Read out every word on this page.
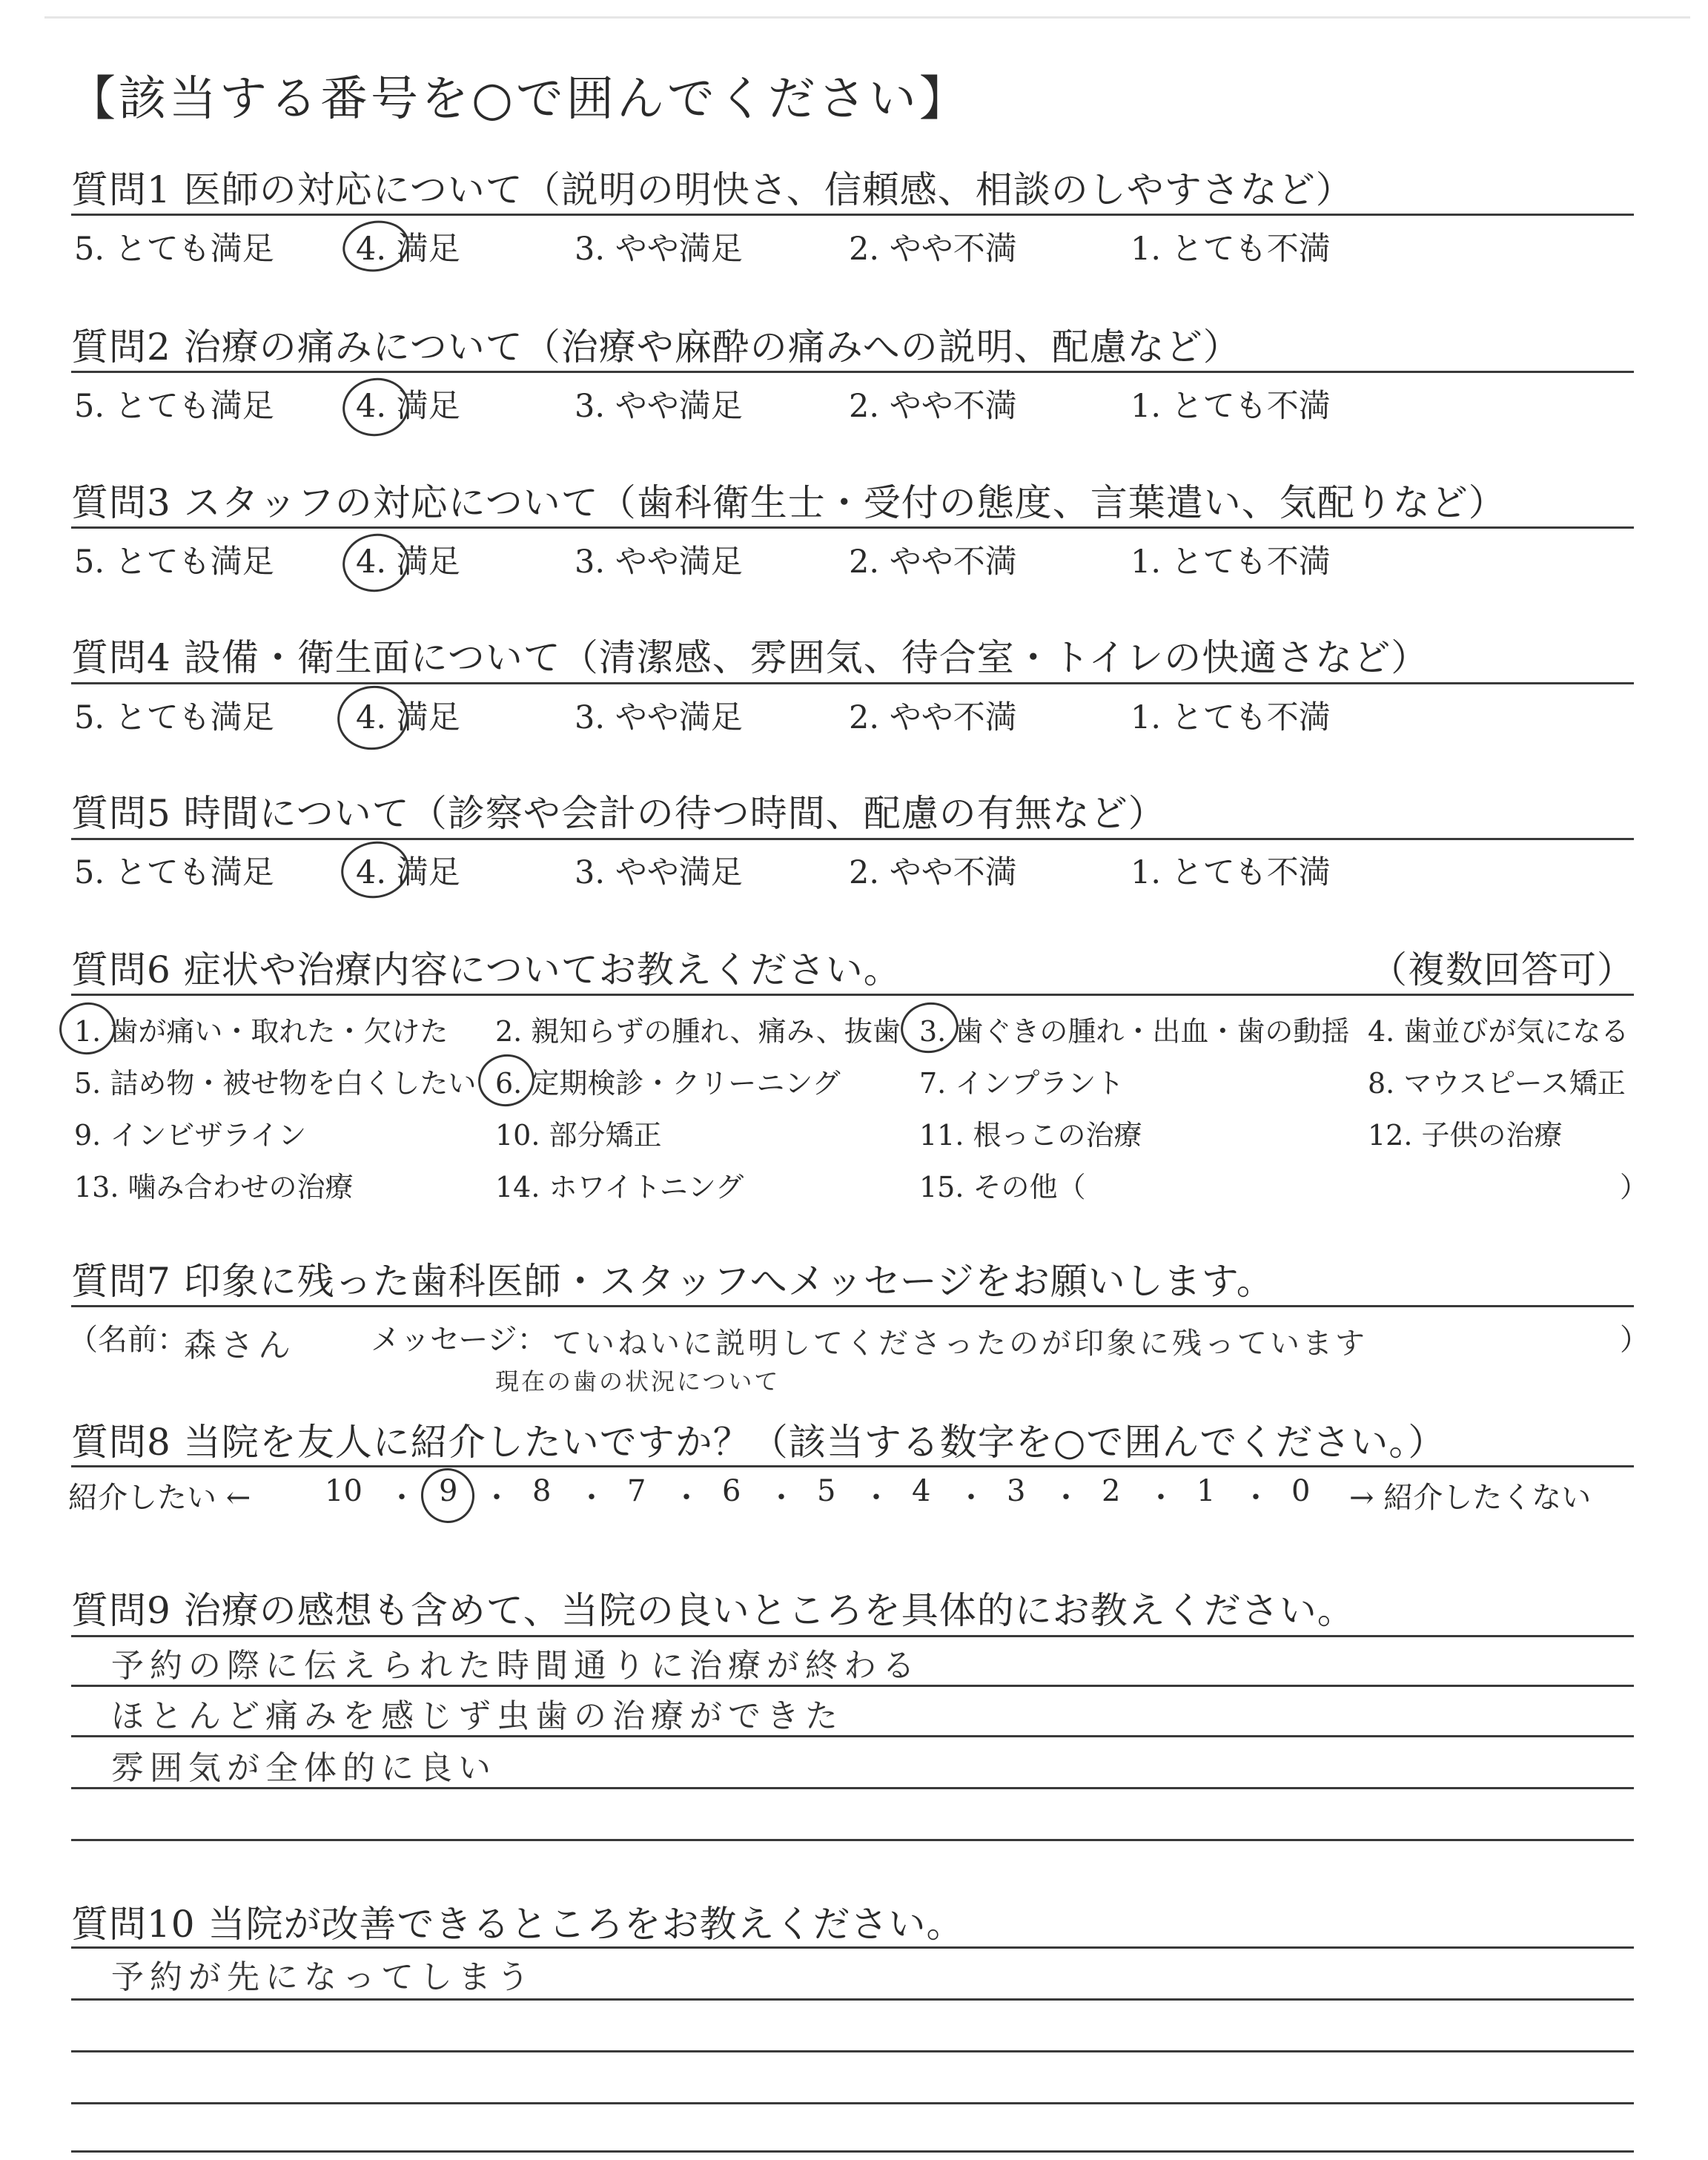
【該当する番号を○で囲んでください】
質問1 医師の対応について（説明の明快さ、信頼感、相談のしやすさなど）
5. とても満足	4. 満足	3. やや満足	2. やや不満	1. とても不満
質問2 治療の痛みについて（治療や麻酔の痛みへの説明、配慮など）
5. とても満足	4. 満足	3. やや満足	2. やや不満	1. とても不満
質問3 スタッフの対応について（歯科衛生士・受付の態度、言葉遣い、気配りなど）
5. とても満足	4. 満足	3. やや満足	2. やや不満	1. とても不満
質問4 設備・衛生面について（清潔感、雰囲気、待合室・トイレの快適さなど）
5. とても満足	4. 満足	3. やや満足	2. やや不満	1. とても不満
質問5 時間について（診察や会計の待つ時間、配慮の有無など）
5. とても満足	4. 満足	3. やや満足	2. やや不満	1. とても不満
質問6 症状や治療内容についてお教えください。	（複数回答可）
1. 歯が痛い・取れた・欠けた 2. 親知らずの腫れ、痛み、抜歯 3. 歯ぐきの腫れ・出血・歯の動揺 4. 歯並びが気になる
5. 詰め物・被せ物を白くしたい 6. 定期検診・クリーニング	7. インプラント	8. マウスピース矯正
9. インビザライン	10. 部分矯正	11. 根っこの治療	12. 子供の治療
13. 噛み合わせの治療	14. ホワイトニング	15. その他（	）
質問7 印象に残った歯科医師・スタッフへメッセージをお願いします。
（名前：
森さん	メッセージ： ていねいに説明してくださったのが印象に残っています
現在の歯の状況について
）
質問8 当院を友人に紹介したいですか？（該当する数字を○で囲んでください。）
紹介したい ← 10 ・ 9 ・ 8 ・ 7 ・ 6 ・ 5 ・ 4 ・ 3 ・ 2 ・ 1 ・ 0 → 紹介したくない
質問9 治療の感想も含めて、当院の良いところを具体的にお教えください。
予約の際に伝えられた時間通りに治療が終わる
ほとんど痛みを感じず虫歯の治療ができた
雰囲気が全体的に良い
質問10 当院が改善できるところをお教えください。
予約が先になってしまう
